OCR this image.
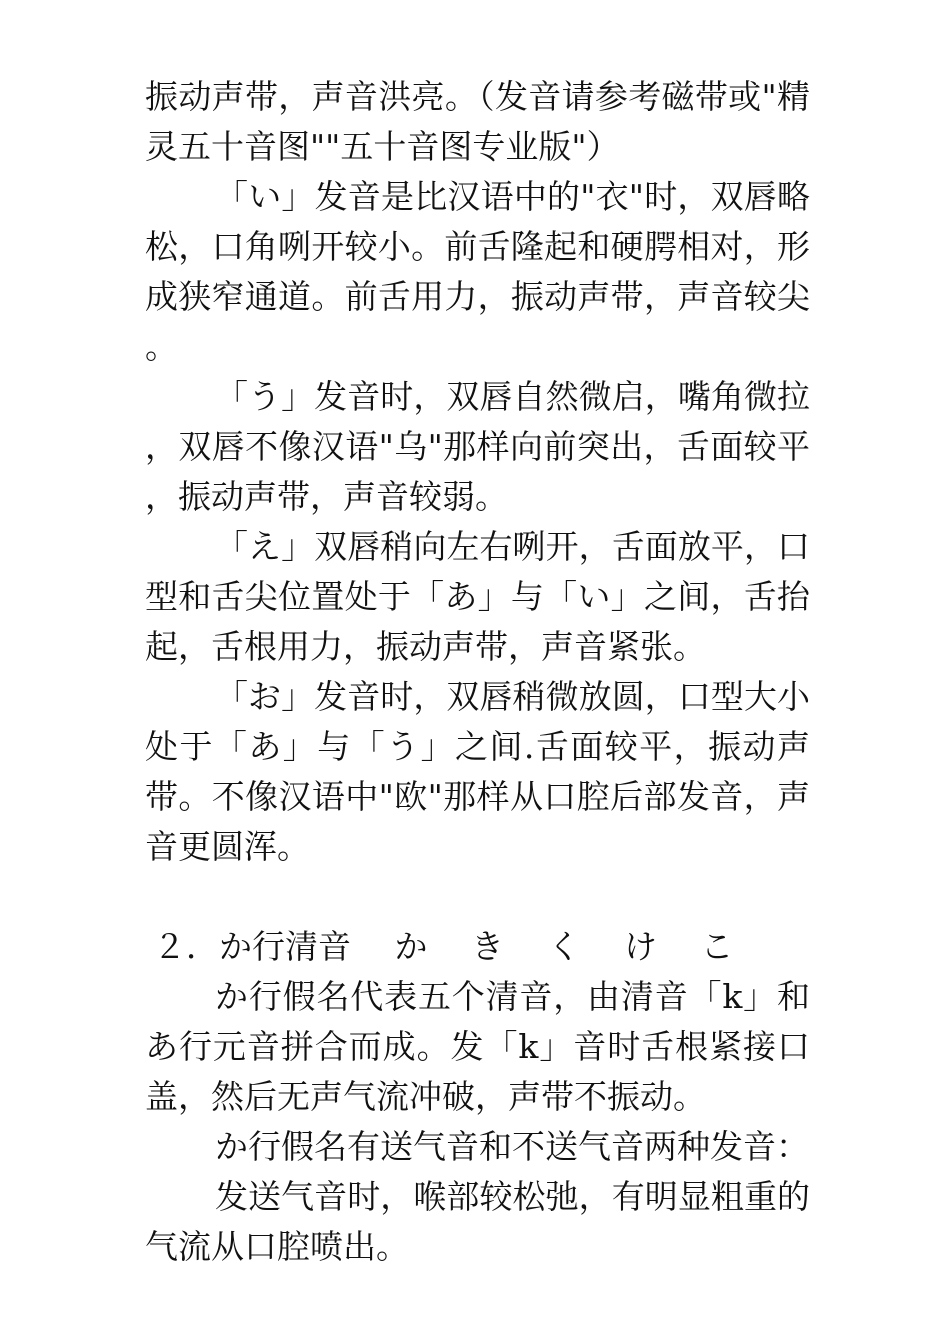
振动声带，声音洪亮。（发音请参考磁带或"精灵五十音图""五十音图专业版"）

「い」发音是比汉语中的"衣"时，双唇略松，口角咧开较小。前舌隆起和硬腭相对，形成狭窄通道。前舌用力，振动声带，声音较尖。

「う」发音时，双唇自然微启，嘴角微拉，双唇不像汉语"乌"那样向前突出，舌面较平，振动声带，声音较弱。

「え」双唇稍向左右咧开，舌面放平，口型和舌尖位置处于「あ」与「い」之间，舌抬起，舌根用力，振动声带，声音紧张。

「お」发音时，双唇稍微放圆，口型大小处于「あ」与「う」之间.舌面较平，振动声带。不像汉语中"欧"那样从口腔后部发音，声音更圆浑。

２．か行清音　 か　 き　 く　 け　 こ

か行假名代表五个清音，由清音「k」和あ行元音拼合而成。发「k」音时舌根紧接口盖，然后无声气流冲破，声带不振动。

か行假名有送气音和不送气音两种发音：

发送气音时，喉部较松弛，有明显粗重的气流从口腔喷出。
